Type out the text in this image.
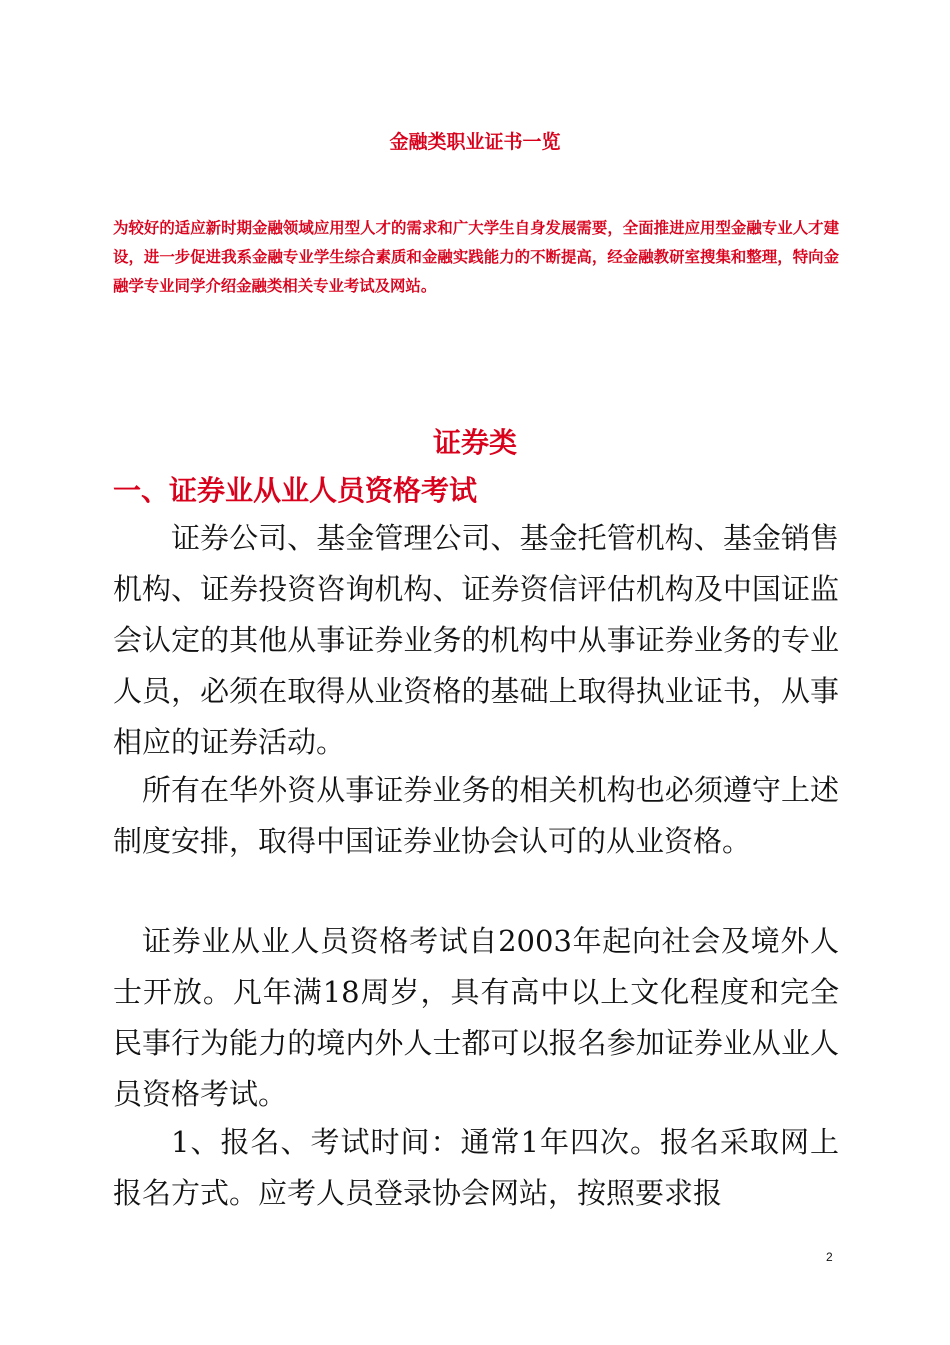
金融类职业证书一览

为较好的适应新时期金融领域应用型人才的需求和广大学生自身发展需要，全面推进应用型金融专业人才建设，进一步促进我系金融专业学生综合素质和金融实践能力的不断提高，经金融教研室搜集和整理，特向金融学专业同学介绍金融类相关专业考试及网站。

证券类
一、证券业从业人员资格考试

证券公司、基金管理公司、基金托管机构、基金销售机构、证券投资咨询机构、证券资信评估机构及中国证监会认定的其他从事证券业务的机构中从事证券业务的专业人员，必须在取得从业资格的基础上取得执业证书，从事相应的证券活动。

所有在华外资从事证券业务的相关机构也必须遵守上述制度安排，取得中国证券业协会认可的从业资格。

证券业从业人员资格考试自2003年起向社会及境外人士开放。凡年满18周岁，具有高中以上文化程度和完全民事行为能力的境内外人士都可以报名参加证券业从业人员资格考试。

1、报名、考试时间：通常1年四次。报名采取网上报名方式。应考人员登录协会网站，按照要求报

2
